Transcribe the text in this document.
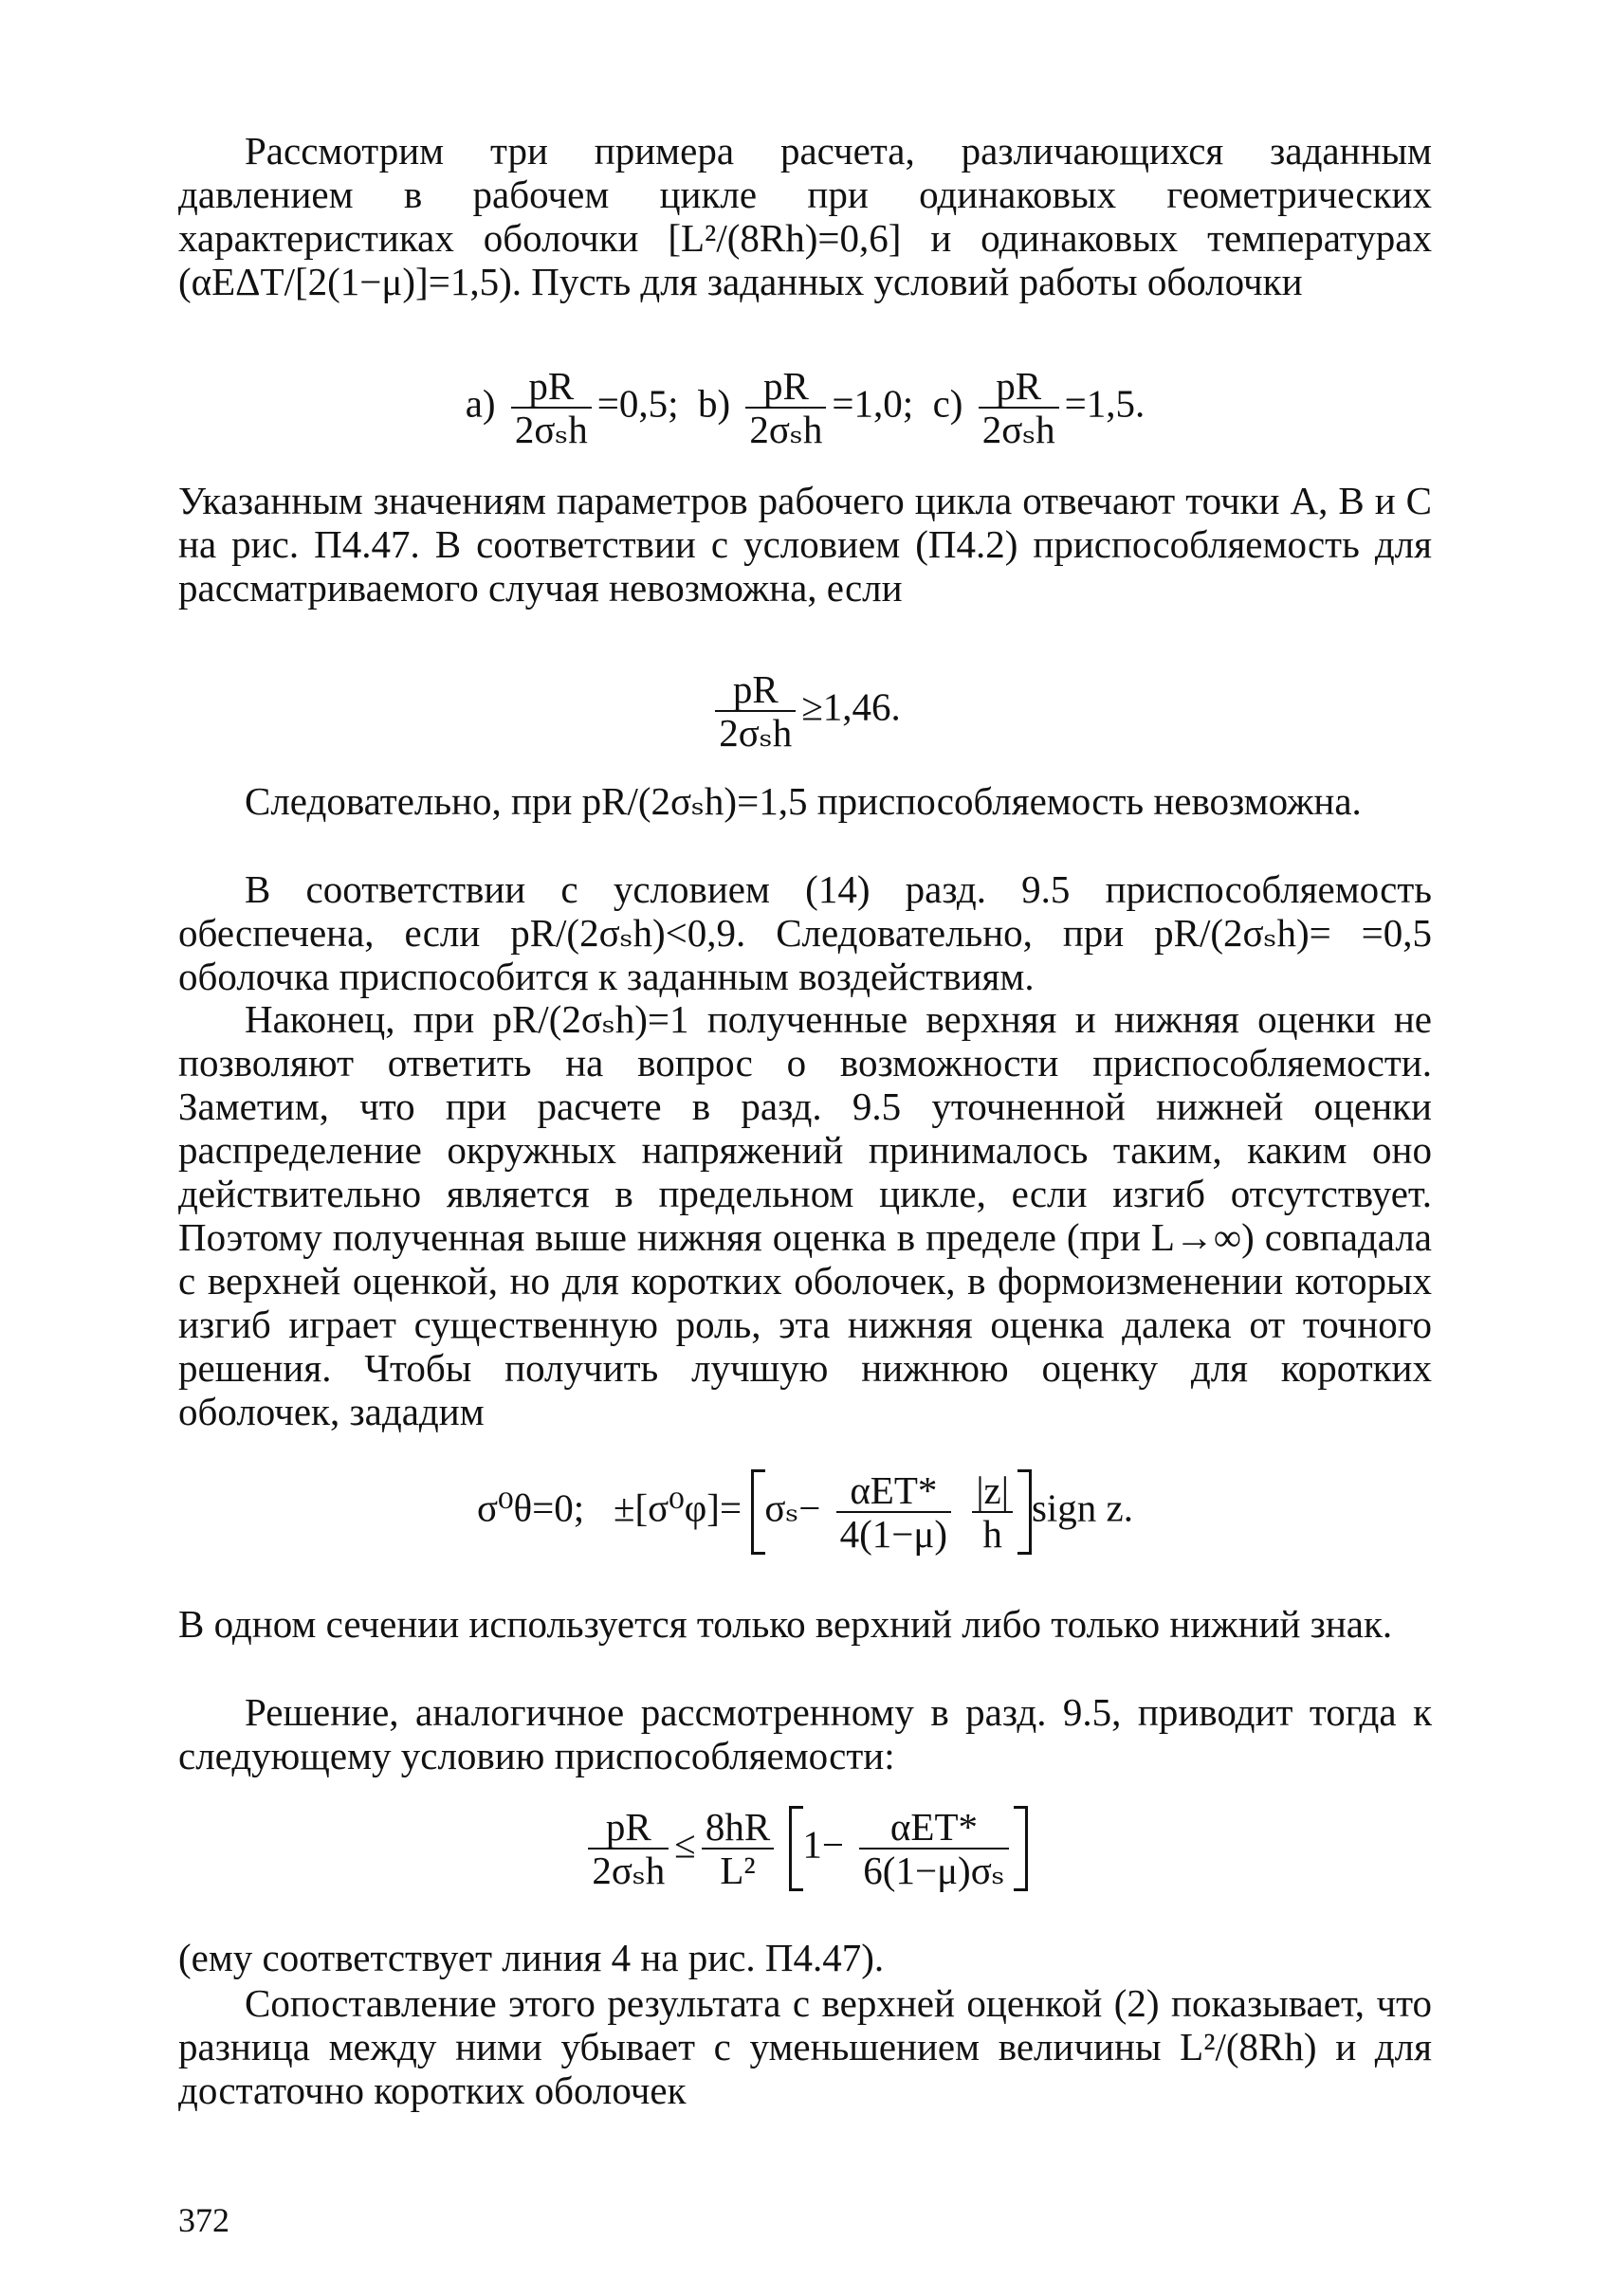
Рассмотрим три примера расчета, различающихся заданным давлением в рабочем цикле при одинаковых геометрических характеристиках оболочки [L²/(8Rh)=0,6] и одинаковых температурах (αEΔT/[2(1−μ)]=1,5). Пусть для заданных условий работы оболочки

$a) \frac{pR}{\text{2σₛh}} =0,5$; $b) \frac{pR}{\text{2σₛh}} =1,0$; $c) \frac{pR}{\text{2σₛh}} =1,5$.

Указанным значениям параметров рабочего цикла отвечают точки A, B и C на рис. П4.47. В соответствии с условием (П4.2) приспособляемость для рассматриваемого случая невозможна, если

$\frac{pR}{\text{2σₛh}} \ge 1,46$.

Следовательно, при pR/(2σₛh)=1,5 приспособляемость невозможна.

В соответствии с условием (14) разд. 9.5 приспособляемость обеспечена, если pR/(2σₛh)<0,9. Следовательно, при pR/(2σₛh)= =0,5 оболочка приспособится к заданным воздействиям.

Наконец, при pR/(2σₛh)=1 полученные верхняя и нижняя оценки не позволяют ответить на вопрос о возможности приспособляемости. Заметим, что при расчете в разд. 9.5 уточненной нижней оценки распределение окружных напряжений принималось таким, каким оно действительно является в предельном цикле, если изгиб отсутствует. Поэтому полученная выше нижняя оценка в пределе (при L→∞) совпадала с верхней оценкой, но для коротких оболочек, в формоизменении которых изгиб играет существенную роль, эта нижняя оценка далека от точного решения. Чтобы получить лучшую нижнюю оценку для коротких оболочек, зададим

σ⁰θ=0; $\pm[\sigma^0\varphi]= \sigma_s- \frac{\text{αET*}}{4(1-\mu)}$
$\frac{|z|}{h}$ sign z.

В одном сечении используется только верхний либо только нижний знак.

Решение, аналогичное рассмотренному в разд. 9.5, приводит тогда к следующему условию приспособляемости:

$\frac{pR}{\text{2σₛh}} \le \frac{8hR}{\text{L²}}$
$1- \frac{\text{αET*}}{\text{6(1−μ)σₛ}}$

(ему соответствует линия 4 на рис. П4.47).

Сопоставление этого результата с верхней оценкой (2) показывает, что разница между ними убывает с уменьшением величины L²/(8Rh) и для достаточно коротких оболочек

372
